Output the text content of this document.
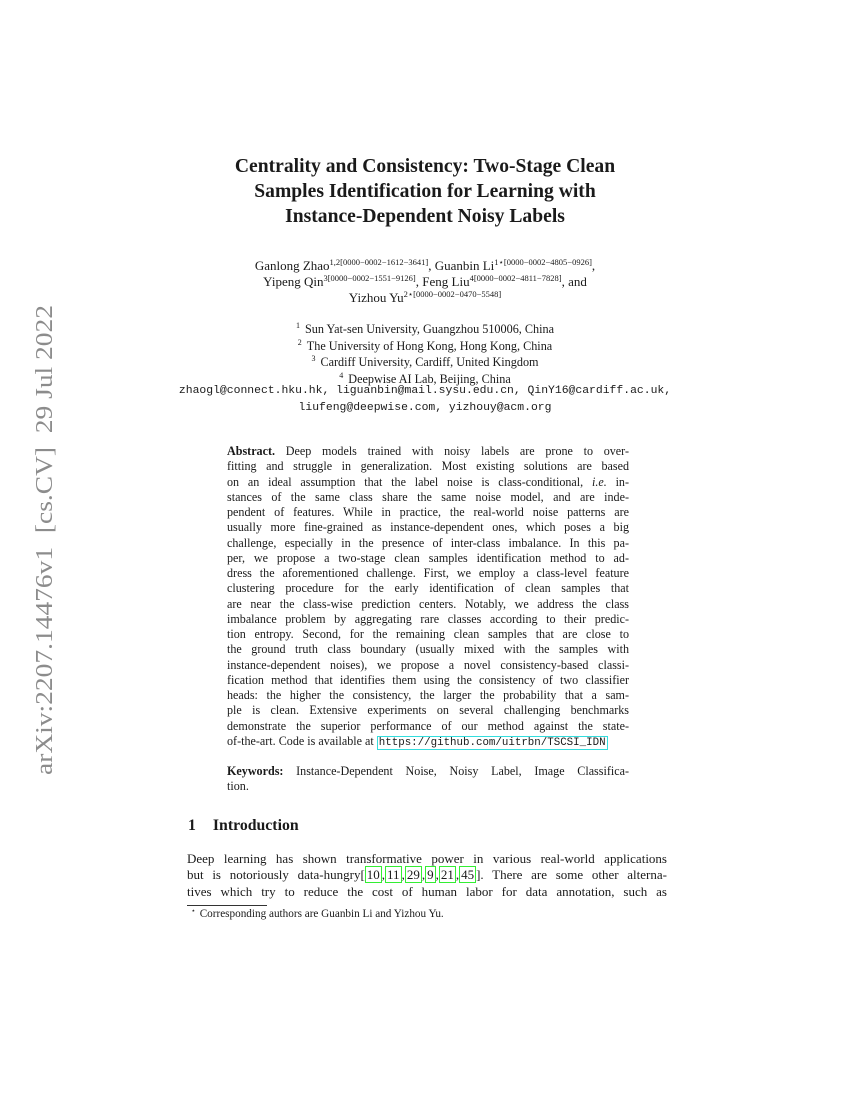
arXiv:2207.14476v1  [cs.CV]  29 Jul 2022
Centrality and Consistency: Two-Stage Clean
Samples Identification for Learning with
Instance-Dependent Noisy Labels
Ganlong Zhao$^{1,2[0000-0002-1612-3641]}$, Guanbin $Li^{1⋆[0000-0002-4805-0926]}$,
Yipeng Qin$^{3[0000-0002-1551-9126]}$, Feng Liu$^{4[0000-0002-4811-7828]}$, and
Yizhou $Yu^{2⋆[0000-0002-0470-5548]}$
$^1$ Sun Yat-sen University, Guangzhou 510006, China
$^2$ The University of Hong Kong, Hong Kong, China
$^3$ Cardiff University, Cardiff, United Kingdom
$^4$ Deepwise AI Lab, Beijing, China
zhaogl@connect.hku.hk, liguanbin@mail.sysu.edu.cn, QinY16@cardiff.ac.uk,
liufeng@deepwise.com, yizhouy@acm.org
Abstract. Deep models trained with noisy labels are prone to over-
fitting and struggle in generalization. Most existing solutions are based
on an ideal assumption that the label noise is class-conditional, i.e. in-
stances of the same class share the same noise model, and are inde-
pendent of features. While in practice, the real-world noise patterns are
usually more fine-grained as instance-dependent ones, which poses a big
challenge, especially in the presence of inter-class imbalance. In this pa-
per, we propose a two-stage clean samples identification method to ad-
dress the aforementioned challenge. First, we employ a class-level feature
clustering procedure for the early identification of clean samples that
are near the class-wise prediction centers. Notably, we address the class
imbalance problem by aggregating rare classes according to their predic-
tion entropy. Second, for the remaining clean samples that are close to
the ground truth class boundary (usually mixed with the samples with
instance-dependent noises), we propose a novel consistency-based classi-
fication method that identifies them using the consistency of two classifier
heads: the higher the consistency, the larger the probability that a sam-
ple is clean. Extensive experiments on several challenging benchmarks
demonstrate the superior performance of our method against the state-
of-the-art. Code is available at https://github.com/uitrbn/TSCSI_IDN
Keywords: Instance-Dependent Noise, Noisy Label, Image Classifica-
tion.
1 Introduction
Deep learning has shown transformative power in various real-world applications
but is notoriously data-hungry[ 10 , 11 , 29 , 9 , 21 , 45 ]. There are some other alterna-
tives which try to reduce the cost of human labor for data annotation, such as
⋆ Corresponding authors are Guanbin Li and Yizhou Yu.
